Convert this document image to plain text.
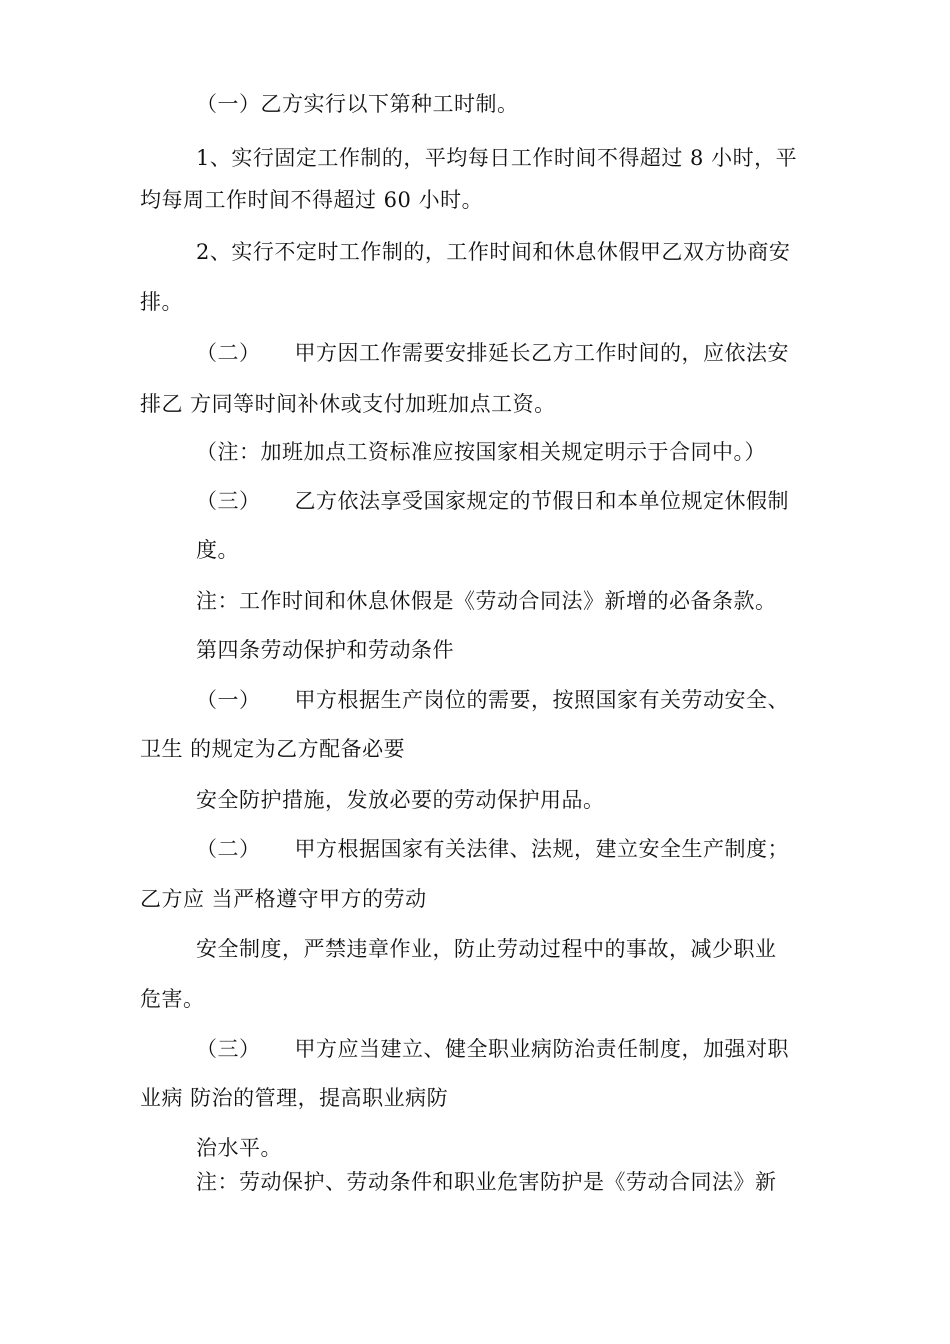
（一）乙方实行以下第种工时制。
1、实行固定工作制的，平均每日工作时间不得超过 8 小时，平
均每周工作时间不得超过 60 小时。
2、实行不定时工作制的，工作时间和休息休假甲乙双方协商安
排。
（二） 甲方因工作需要安排延长乙方工作时间的，应依法安
排乙 方同等时间补休或支付加班加点工资。
（注：加班加点工资标准应按国家相关规定明示于合同中。）
（三） 乙方依法享受国家规定的节假日和本单位规定休假制
度。
注：工作时间和休息休假是《劳动合同法》新增的必备条款。
第四条劳动保护和劳动条件
（一） 甲方根据生产岗位的需要，按照国家有关劳动安全、
卫生 的规定为乙方配备必要
安全防护措施，发放必要的劳动保护用品。
（二） 甲方根据国家有关法律、法规，建立安全生产制度；
乙方应 当严格遵守甲方的劳动
安全制度，严禁违章作业，防止劳动过程中的事故，减少职业
危害。
（三） 甲方应当建立、健全职业病防治责任制度，加强对职
业病 防治的管理，提高职业病防
治水平。
注：劳动保护、劳动条件和职业危害防护是《劳动合同法》新
